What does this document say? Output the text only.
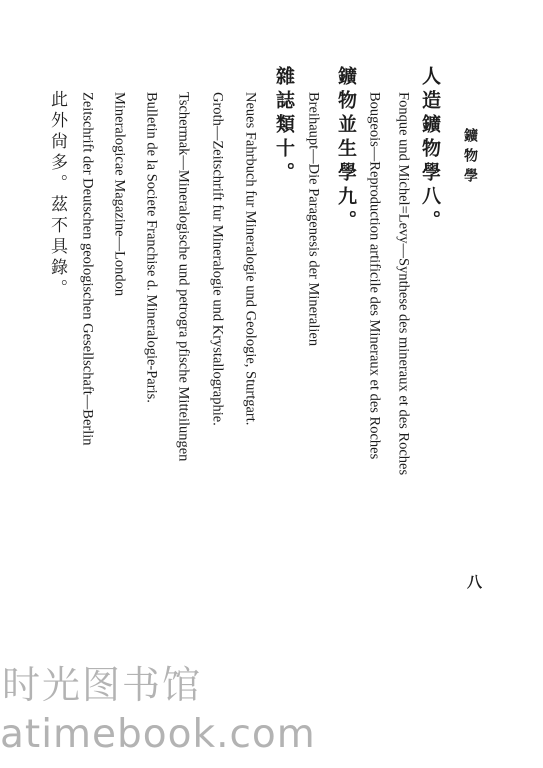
鑛物學
八
人造鑛物學八。
Fonque und Michel=Levy—Synthese des mineraux et des Roches
Bougeois—Reproduction artificile des Mineraux et des Roches
鑛物並生學九。
Breihaupt—Die Paragenesis der Mineralien
雜誌類十。
Neues Fahrbuch fur Mineralogie und Geologie, Sturtgart.
Groth—Zeitschrift fur Mineralogie und Krystallographie.
Tschermak—Mineralogische und petrogra pfische Mitteilungen
Bulletin de la Societe Franchise d. Mineralogie-Paris.
Mineralogicae Magazine—London
Zeitschrift der Deutschen geologischen Gesellschaft—Berlin
此外尙多。茲不具錄。
时光图书馆
atimebook.com
